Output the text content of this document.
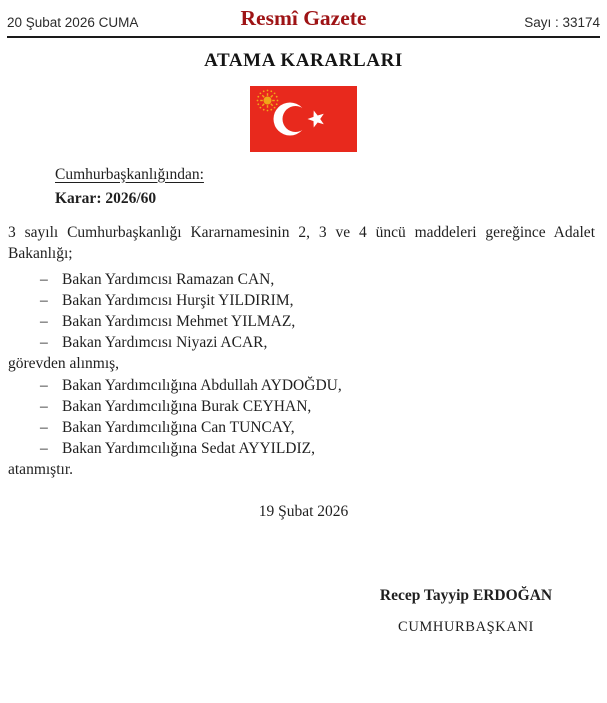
20 Şubat 2026 CUMA	Resmî Gazete	Sayı : 33174
ATAMA KARARLARI
Cumhurbaşkanlığından:
Karar: 2026/60
3 sayılı Cumhurbaşkanlığı Kararnamesinin 2, 3 ve 4 üncü maddeleri gereğince Adalet
Bakanlığı;
– Bakan Yardımcısı Ramazan CAN,
– Bakan Yardımcısı Hurşit YILDIRIM,
– Bakan Yardımcısı Mehmet YILMAZ,
– Bakan Yardımcısı Niyazi ACAR,
görevden alınmış,
– Bakan Yardımcılığına Abdullah AYDOĞDU,
– Bakan Yardımcılığına Burak CEYHAN,
– Bakan Yardımcılığına Can TUNCAY,
– Bakan Yardımcılığına Sedat AYYILDIZ,
atanmıştır.
19 Şubat 2026
Recep Tayyip ERDOĞAN
CUMHURBAŞKANI
